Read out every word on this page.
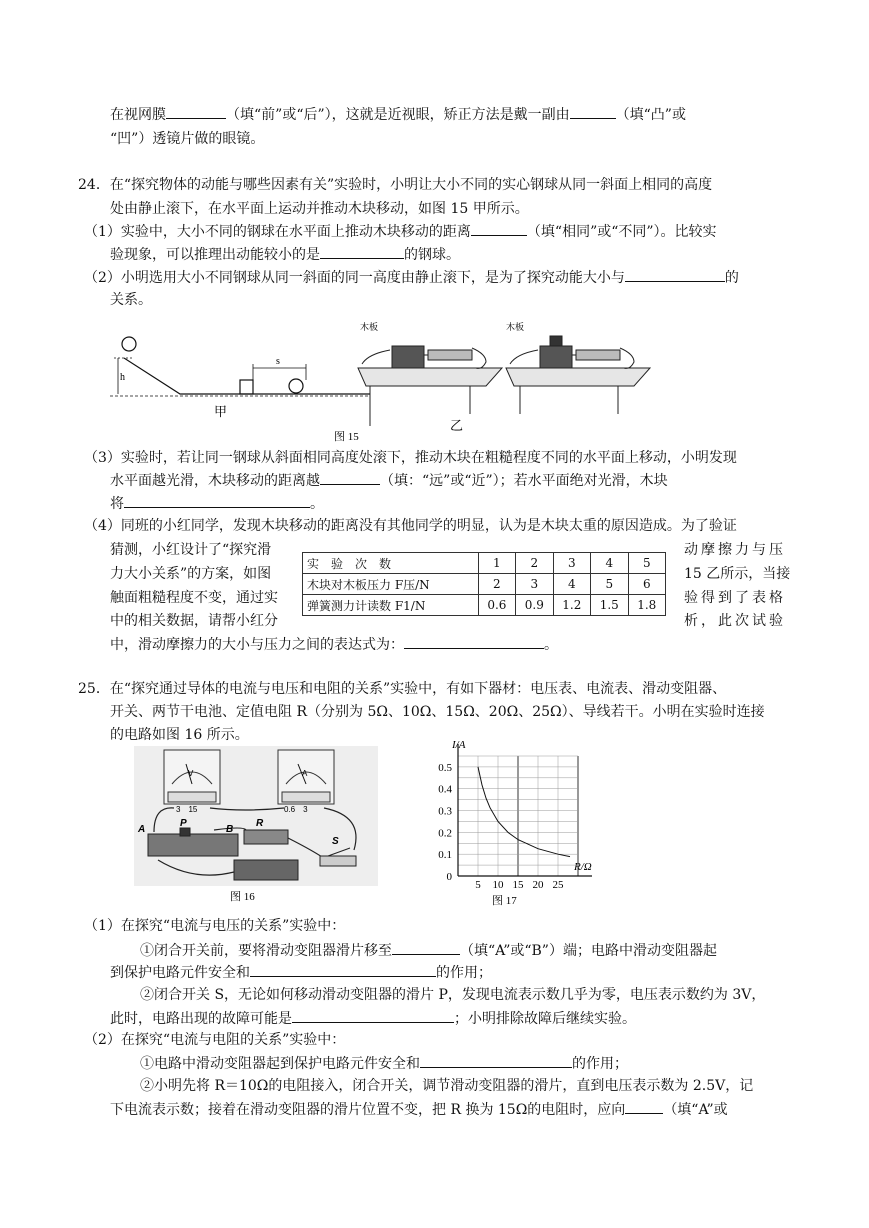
在视网膜	（填“前”或“后”），这就是近视眼，矫正方法是戴一副由	（填“凸”或
“凹”）透镜片做的眼镜。
24．在“探究物体的动能与哪些因素有关”实验时，小明让大小不同的实心钢球从同一斜面上相同的高度
处由静止滚下，在水平面上运动并推动木块移动，如图 15 甲所示。
（1）实验中，大小不同的钢球在水平面上推动木块移动的距离	（填“相同”或“不同”）。比较实
验现象，可以推理出动能较小的是	的钢球。
（2）小明选用大小不同钢球从同一斜面的同一高度由静止滚下，是为了探究动能大小与	的
关系。
h
s
甲
图 15
木板
乙
木板
（3）实验时，若让同一钢球从斜面相同高度处滚下，推动木块在粗糙程度不同的水平面上移动，小明发现
水平面越光滑，木块移动的距离越	（填：“远”或“近”）；若水平面绝对光滑，木块
将	。
（4）同班的小红同学，发现木块移动的距离没有其他同学的明显，认为是木块太重的原因造成。为了验证
猜测，小红设计了“探究滑
力大小关系”的方案，如图
触面粗糙程度不变，通过实
中的相关数据，请帮小红分
动摩擦力与压
15 乙所示，当接
验得到了表格
析，此次试验
实　验　次　数	1	2	3	4	5
木块对木板压力 F压/N	2	3	4	5	6
弹簧测力计读数 F1/N	0.6	0.9	1.2	1.5	1.8
中，滑动摩擦力的大小与压力之间的表达式为：	。
25．在“探究通过导体的电流与电压和电阻的关系”实验中，有如下器材：电压表、电流表、滑动变阻器、
开关、两节干电池、定值电阻 R（分别为 5Ω、10Ω、15Ω、20Ω、25Ω）、导线若干。小明在实验时连接
的电路如图 16 所示。
V
3　15
A
0.6　3
A
P
B
R
S
图 16
I/A
R/Ω
图 17
5 10 15 20 25
0
0.1
0.2
0.3
0.4
0.5
（1）在探究“电流与电压的关系”实验中：
①闭合开关前，要将滑动变阻器滑片移至	（填“A”或“B”）端；电路中滑动变阻器起
到保护电路元件安全和	的作用；
②闭合开关 S，无论如何移动滑动变阻器的滑片 P，发现电流表示数几乎为零，电压表示数约为 3V，
此时，电路出现的故障可能是	；小明排除故障后继续实验。
（2）在探究“电流与电阻的关系”实验中：
①电路中滑动变阻器起到保护电路元件安全和	的作用；
②小明先将 R＝10Ω的电阻接入，闭合开关，调节滑动变阻器的滑片，直到电压表示数为 2.5V，记
下电流表示数；接着在滑动变阻器的滑片位置不变，把 R 换为 15Ω的电阻时，应向	（填“A”或
